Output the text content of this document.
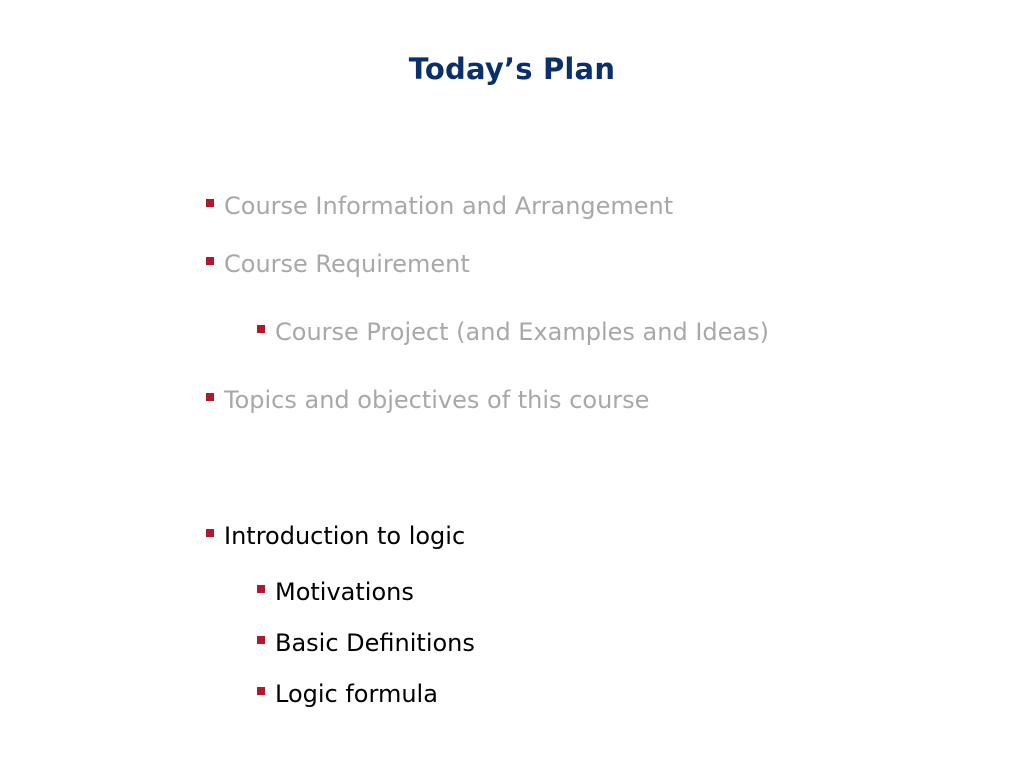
Today’s Plan
Course Information and Arrangement
Course Requirement
Course Project (and Examples and Ideas)
Topics and objectives of this course
Introduction to logic
Motivations
Basic Definitions
Logic formula
